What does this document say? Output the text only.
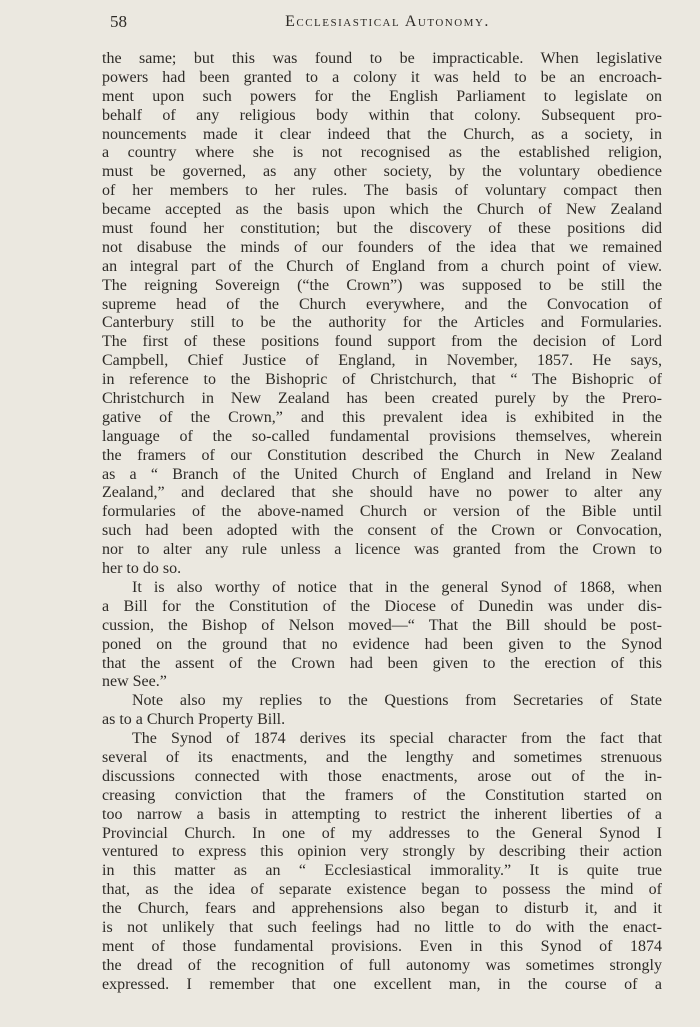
58	Ecclesiastical Autonomy.
the same; but this was found to be impracticable. When legislative
powers had been granted to a colony it was held to be an encroach-
ment upon such powers for the English Parliament to legislate on
behalf of any religious body within that colony. Subsequent pro-
nouncements made it clear indeed that the Church, as a society, in
a country where she is not recognised as the established religion,
must be governed, as any other society, by the voluntary obedience
of her members to her rules. The basis of voluntary compact then
became accepted as the basis upon which the Church of New Zealand
must found her constitution; but the discovery of these positions did
not disabuse the minds of our founders of the idea that we remained
an integral part of the Church of England from a church point of view.
The reigning Sovereign (“the Crown”) was supposed to be still the
supreme head of the Church everywhere, and the Convocation of
Canterbury still to be the authority for the Articles and Formularies.
The first of these positions found support from the decision of Lord
Campbell, Chief Justice of England, in November, 1857. He says,
in reference to the Bishopric of Christchurch, that “ The Bishopric of
Christchurch in New Zealand has been created purely by the Prero-
gative of the Crown,” and this prevalent idea is exhibited in the
language of the so-called fundamental provisions themselves, wherein
the framers of our Constitution described the Church in New Zealand
as a “ Branch of the United Church of England and Ireland in New
Zealand,” and declared that she should have no power to alter any
formularies of the above-named Church or version of the Bible until
such had been adopted with the consent of the Crown or Convocation,
nor to alter any rule unless a licence was granted from the Crown to
her to do so.
It is also worthy of notice that in the general Synod of 1868, when
a Bill for the Constitution of the Diocese of Dunedin was under dis-
cussion, the Bishop of Nelson moved—“ That the Bill should be post-
poned on the ground that no evidence had been given to the Synod
that the assent of the Crown had been given to the erection of this
new See.”
Note also my replies to the Questions from Secretaries of State
as to a Church Property Bill.
The Synod of 1874 derives its special character from the fact that
several of its enactments, and the lengthy and sometimes strenuous
discussions connected with those enactments, arose out of the in-
creasing conviction that the framers of the Constitution started on
too narrow a basis in attempting to restrict the inherent liberties of a
Provincial Church. In one of my addresses to the General Synod I
ventured to express this opinion very strongly by describing their action
in this matter as an “ Ecclesiastical immorality.” It is quite true
that, as the idea of separate existence began to possess the mind of
the Church, fears and apprehensions also began to disturb it, and it
is not unlikely that such feelings had no little to do with the enact-
ment of those fundamental provisions. Even in this Synod of 1874
the dread of the recognition of full autonomy was sometimes strongly
expressed. I remember that one excellent man, in the course of a
